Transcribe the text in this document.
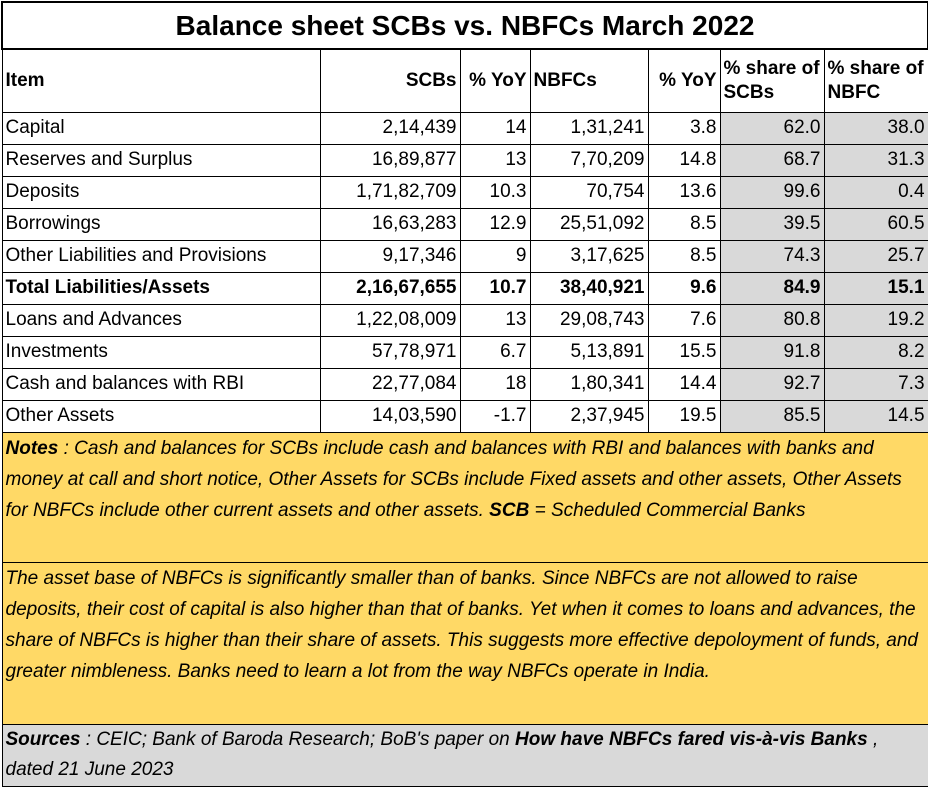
Balance sheet SCBs vs. NBFCs March 2022						
Item	SCBs	% YoY	NBFCs	% YoY	% share of SCBs	% share of NBFC
Capital	2,14,439	14	1,31,241	3.8	62.0	38.0
Reserves and Surplus	16,89,877	13	7,70,209	14.8	68.7	31.3
Deposits	1,71,82,709	10.3	70,754	13.6	99.6	0.4
Borrowings	16,63,283	12.9	25,51,092	8.5	39.5	60.5
Other Liabilities and Provisions	9,17,346	9	3,17,625	8.5	74.3	25.7
Total Liabilities/Assets	2,16,67,655	10.7	38,40,921	9.6	84.9	15.1
Loans and Advances	1,22,08,009	13	29,08,743	7.6	80.8	19.2
Investments	57,78,971	6.7	5,13,891	15.5	91.8	8.2
Cash and balances with RBI	22,77,084	18	1,80,341	14.4	92.7	7.3
Other Assets	14,03,590	-1.7	2,37,945	19.5	85.5	14.5
Notes : Cash and balances for SCBs include cash and balances with RBI and balances with banks and money at call and short notice, Other Assets for SCBs include Fixed assets and other assets, Other Assets for NBFCs include other current assets and other assets. SCB = Scheduled Commercial Banks						
The asset base of NBFCs is significantly smaller than of banks. Since NBFCs are not allowed to raise deposits, their cost of capital is also higher than that of banks. Yet when it comes to loans and advances, the share of NBFCs is higher than their share of assets. This suggests more effective depoloyment of funds, and greater nimbleness. Banks need to learn a lot from the way NBFCs operate in India.						
Sources : CEIC; Bank of Baroda Research; BoB's paper on How have NBFCs fared vis-à-vis Banks , dated 21 June 2023						
